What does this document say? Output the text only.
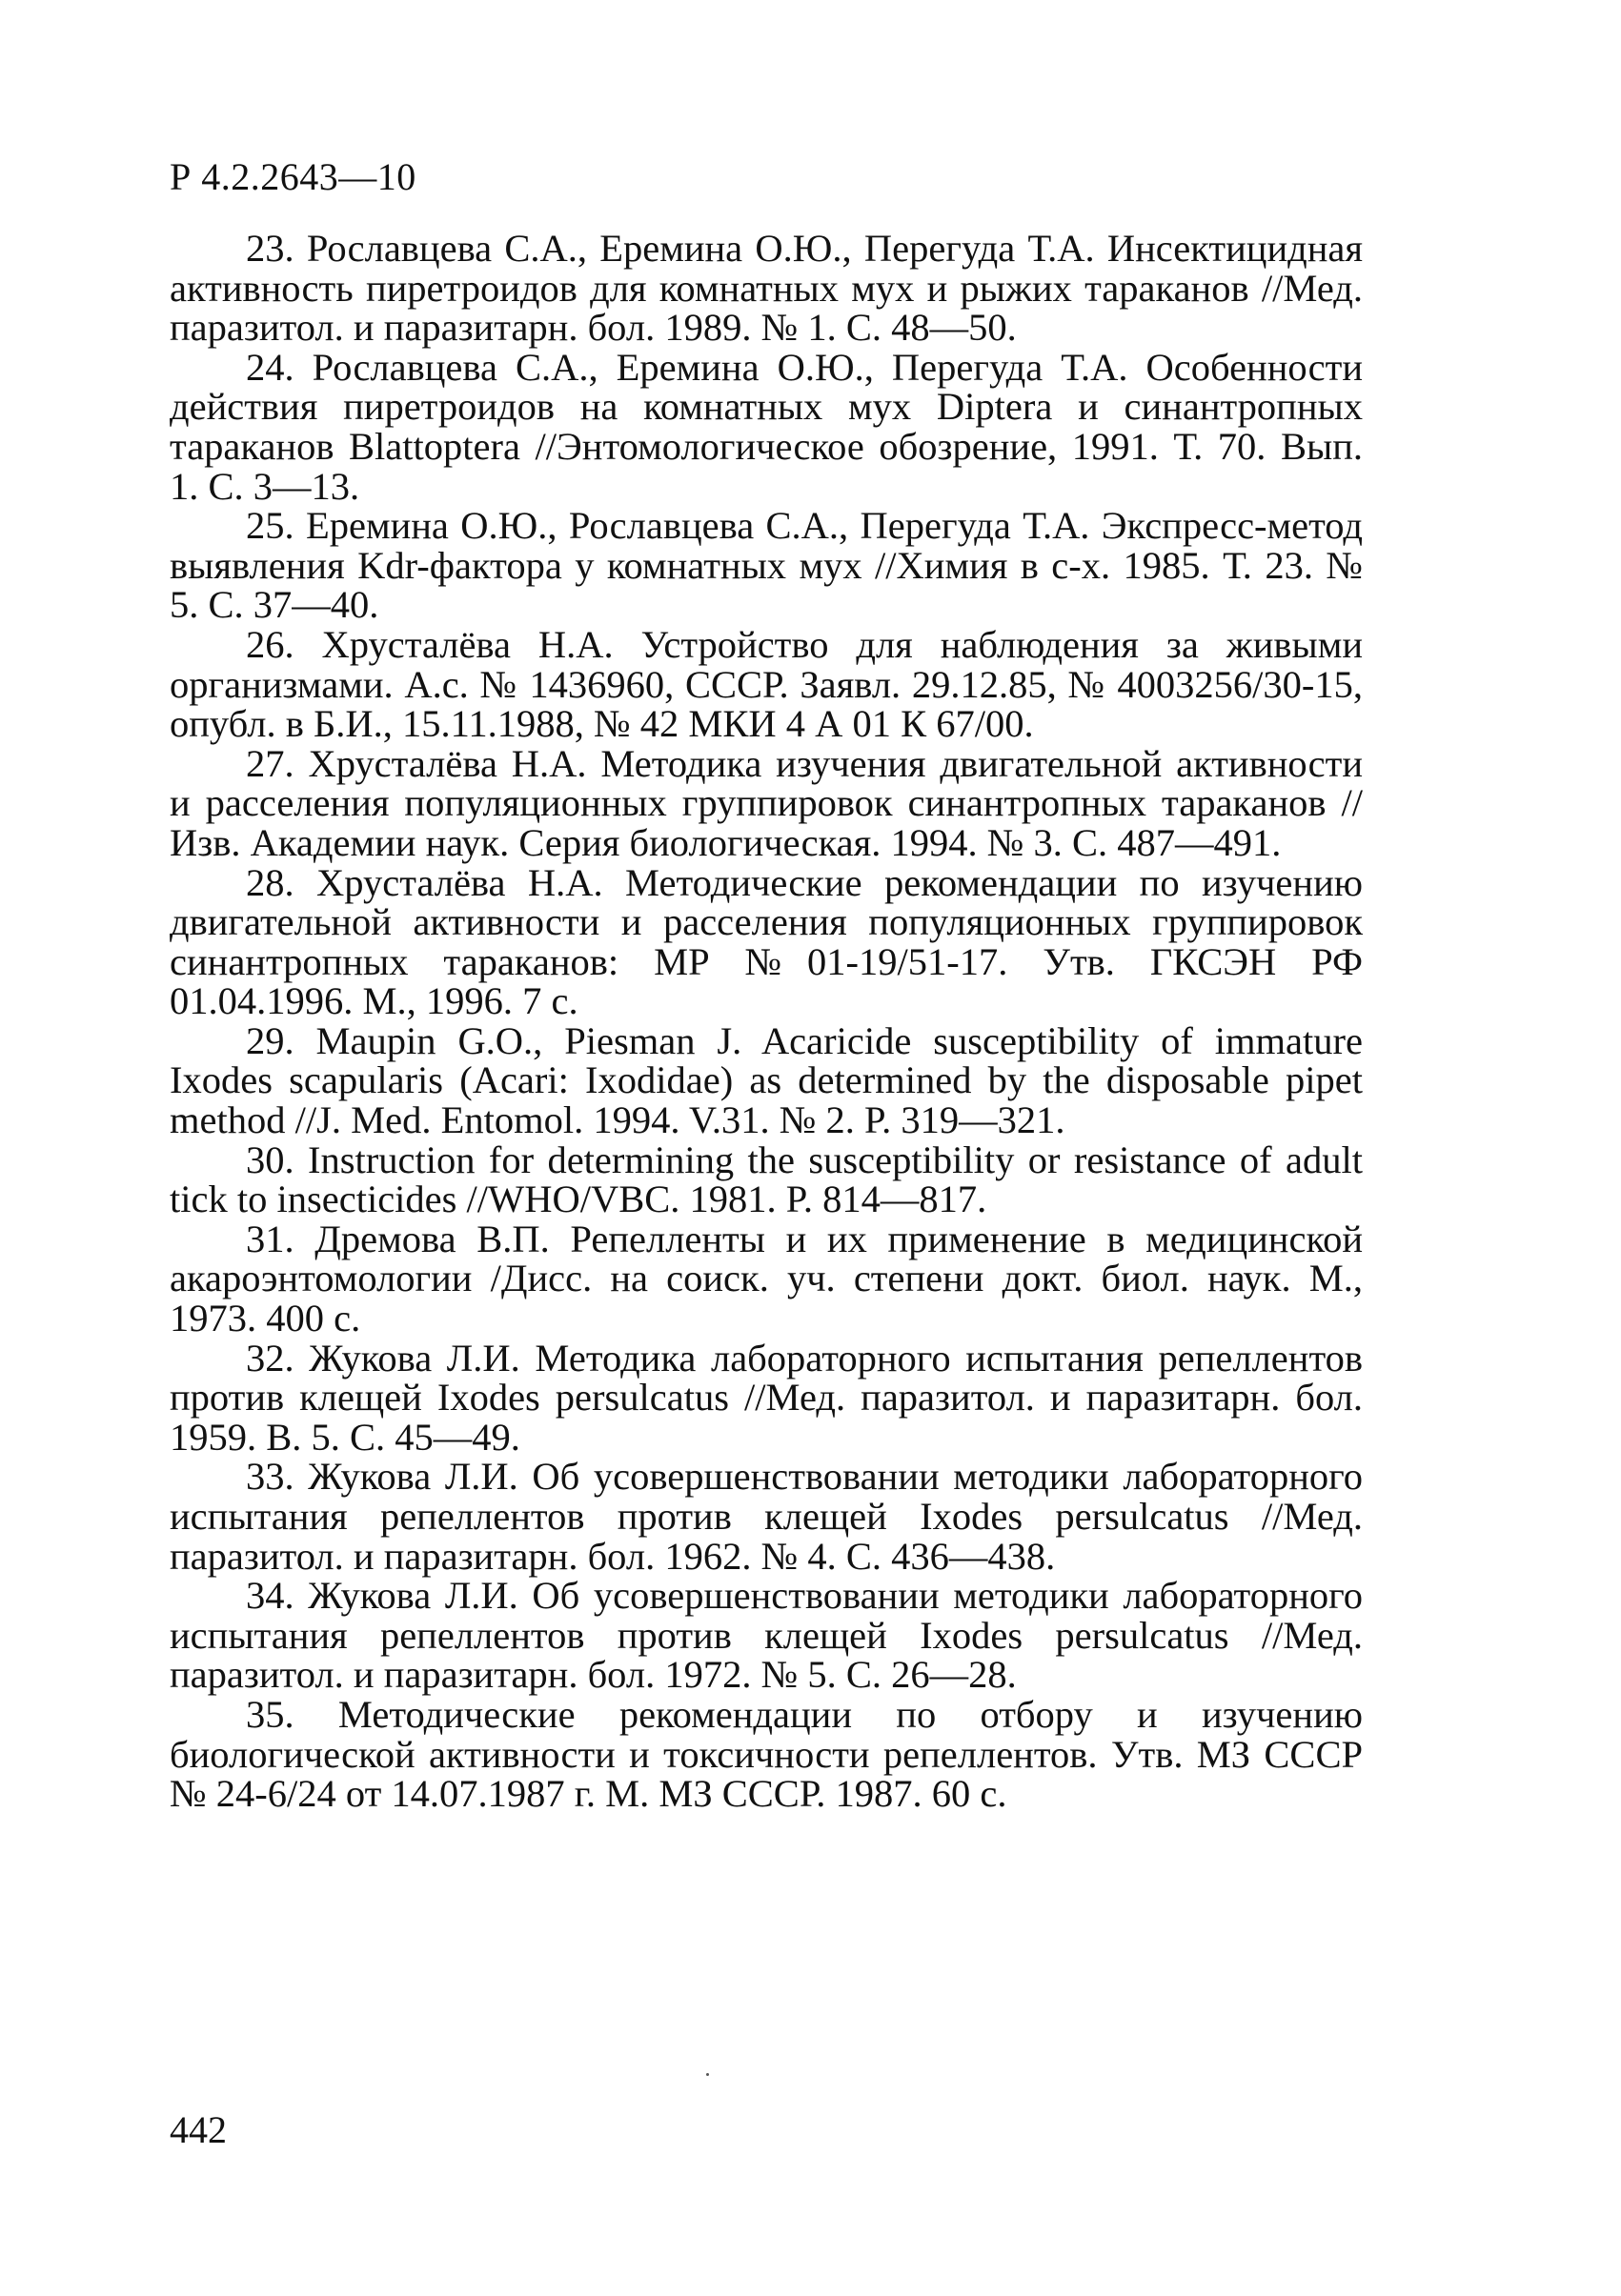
Р 4.2.2643—10

23. Рославцева С.А., Еремина О.Ю., Перегуда Т.А. Инсектицидная активность пиретроидов для комнатных мух и рыжих тараканов //Мед. паразитол. и паразитарн. бол. 1989. № 1. С. 48—50.

24. Рославцева С.А., Еремина О.Ю., Перегуда Т.А. Особенности действия пиретроидов на комнатных мух Diptera и синантропных тараканов Blattoptera //Энтомологическое обозрение, 1991. Т. 70. Вып. 1. С. 3—13.

25. Еремина О.Ю., Рославцева С.А., Перегуда Т.А. Экспресс-метод выявления Kdr-фактора у комнатных мух //Химия в с-х. 1985. Т. 23. № 5. С. 37—40.

26. Хрусталёва Н.А. Устройство для наблюдения за живыми организмами. А.с. № 1436960, СССР. Заявл. 29.12.85, № 4003256/30-15, опубл. в Б.И., 15.11.1988, № 42 МКИ 4 А 01 К 67/00.

27. Хрусталёва Н.А. Методика изучения двигательной активности и расселения популяционных группировок синантропных тараканов // Изв. Академии наук. Серия биологическая. 1994. № 3. С. 487—491.

28. Хрусталёва Н.А. Методические рекомендации по изучению двигательной активности и расселения популяционных группировок синантропных тараканов: МР №01-19/51-17. Утв. ГКСЭН РФ 01.04.1996. М., 1996. 7 с.

29. Maupin G.O., Piesman J. Acaricide susceptibility of immature Ixodes scapularis (Acari: Ixodidae) as determined by the disposable pipet method //J. Med. Entomol. 1994. V.31. № 2. P. 319—321.

30. Instruction for determining the susceptibility or resistance of adult tick to insecticides //WHO/VBC. 1981. P. 814—817.

31. Дремова В.П. Репелленты и их применение в медицинской акароэнтомологии /Дисс. на соиск. уч. степени докт. биол. наук. М., 1973. 400 с.

32. Жукова Л.И. Методика лабораторного испытания репеллентов против клещей Ixodes persulcatus //Мед. паразитол. и паразитарн. бол. 1959. В. 5. С. 45—49.

33. Жукова Л.И. Об усовершенствовании методики лабораторного испытания репеллентов против клещей Ixodes persulcatus //Мед. паразитол. и паразитарн. бол. 1962. № 4. С. 436—438.

34. Жукова Л.И. Об усовершенствовании методики лабораторного испытания репеллентов против клещей Ixodes persulcatus //Мед. паразитол. и паразитарн. бол. 1972. № 5. С. 26—28.

35. Методические рекомендации по отбору и изучению биологической активности и токсичности репеллентов. Утв. МЗ СССР № 24-6/24 от 14.07.1987 г. М. МЗ СССР. 1987. 60 с.

442
